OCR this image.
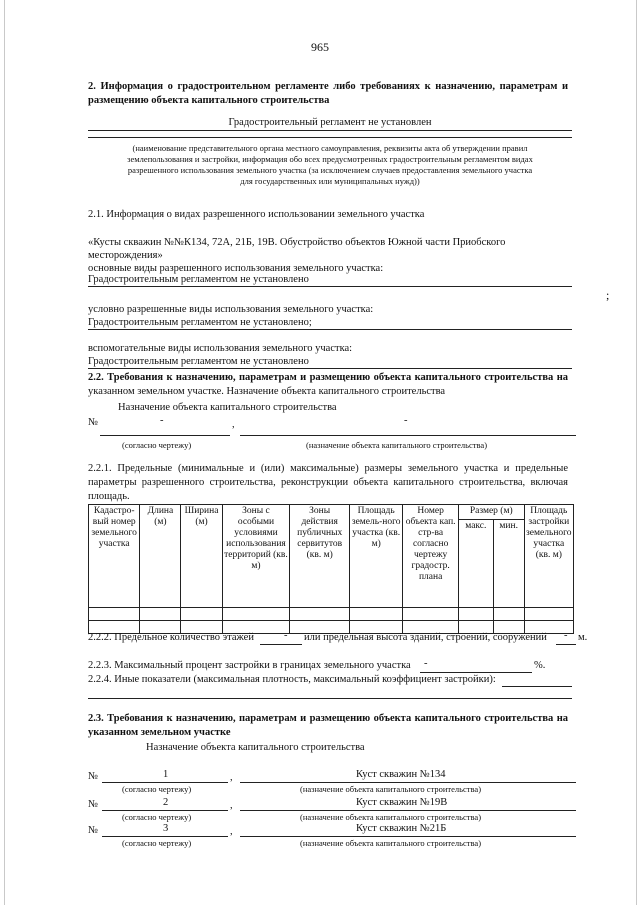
965
2. Информация о градостроительном регламенте либо требованиях к назначению, параметрам и
размещению объекта капитального строительства
Градостроительный регламент не установлен
(наименование представительного органа местного самоуправления, реквизиты акта об утверждении правил
землепользования и застройки, информация обо всех предусмотренных градостроительным регламентом видах
разрешенного использования земельного участка (за исключением случаев предоставления земельного участка
для государственных или муниципальных нужд))
2.1. Информация о видах разрешенного использовании земельного участка
«Кусты скважин №№К134, 72А, 21Б, 19В. Обустройство объектов Южной части Приобского
месторождения»
основные виды разрешенного использования земельного участка:
Градостроительным регламентом не установлено
условно разрешенные виды использования земельного участка:
Градостроительным регламентом не установлено;
вспомогательные виды использования земельного участка:
Градостроительным регламентом не установлено
2.2. Требования к назначению, параметрам и размещению объекта капитального строительства на
указанном земельном участке. Назначение объекта капитального строительства
Назначение объекта капитального строительства
№	-	,	-
(согласно чертежу)	(назначение объекта капитального строительства)
2.2.1. Предельные (минимальные и (или) максимальные) размеры земельного участка и предельные
параметры разрешенного строительства, реконструкции объекта капитального строительства, включая
площадь.
Кадастро-вый номер земельного участка	Длина (м)	Ширина (м)	Зоны с особыми условиями использования территорий (кв. м)	Зоны действия публичных сервитутов (кв. м)	Площадь земель-ного участка (кв. м)	Номер объекта кап. стр-ва согласно чертежу градостр. плана	Размер (м)		Площадь застройки земельного участка (кв. м)
							макс.	мин.	

2.2.2. Предельное количество этажей	- или предельная высота зданий, строений, сооружений - м.
2.2.3. Максимальный процент застройки в границах земельного участка -	%.
2.2.4. Иные показатели (максимальная плотность, максимальный коэффициент застройки):
2.3. Требования к назначению, параметрам и размещению объекта капитального строительства на
указанном земельном участке
Назначение объекта капитального строительства
№	1	,	Куст скважин №134
(согласно чертежу)	(назначение объекта капитального строительства)
№	2	,	Куст скважин №19В
(согласно чертежу)	(назначение объекта капитального строительства)
№	3	,	Куст скважин №21Б
(согласно чертежу)	(назначение объекта капитального строительства)
;
